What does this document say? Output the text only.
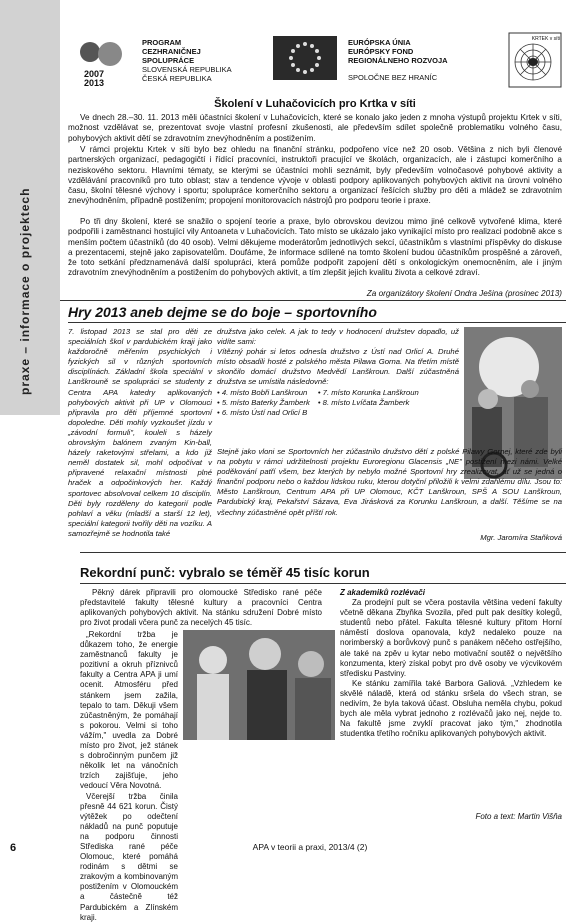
praxe – informace o projektech
2007 2013
PROGRAM
CEZHRANIČNEJ
SPOLUPRÁCE
SLOVENSKÁ REPUBLIKA
ČESKÁ REPUBLIKA
EURÓPSKA ÚNIA
EURÓPSKY FOND
REGIONÁLNEHO ROZVOJA
SPOLOČNE BEZ HRANÍC
KRTEK v síti
Školení v Luhačovicích pro Krtka v síti
Ve dnech 28.–30. 11. 2013 měli účastníci školení v Luhačovicích, které se konalo jako jeden z mnoha výstupů projektu Krtek v síti, možnost vzdělávat se, prezentovat svoje vlastní profesní zkušenosti, ale především sdílet společně problematiku volného času, pohybových aktivit dětí se zdravotním znevýhodněním a postižením.
V rámci projektu Krtek v síti bylo bez ohledu na finanční stránku, podpořeno více než 20 osob. Většina z nich byli členové partnerských organizací, pedagogičtí i řídící pracovníci, instruktoři pracující ve školách, organizacích, ale i zástupci komerčního a neziskového sektoru. Hlavními tématy, se kterými se účastníci mohli seznámit, byly především volnočasové pohybové aktivity a vzdělávání pracovníků pro tuto oblast; stav a tendence vývoje v oblasti podpory aplikovaných pohybových aktivit na úrovni volného času, školní tělesné výchovy i sportu; spolupráce komerčního sektoru a organizací řešících služby pro děti a mládež se zdravotním znevýhodněním, případně postižením; propojení monitorovacích nástrojů pro podporu teorie i praxe.
Po tři dny školení, které se snažilo o spojení teorie a praxe, bylo obrovskou devizou mimo jiné celkově vytvořené klima, které podpořili i zaměstnanci hostující vily Antoaneta v Luhačovicích. Tato místo se ukázalo jako vynikající místo pro realizaci podobně akce s menším počtem účastníků (do 40 osob). Velmi děkujeme moderátorům jednotlivých sekcí, účastníkům s vlastními příspěvky do diskuse a prezentacemi, stejně jako zapisovatelům. Doufáme, že informace sdílené na tomto školení budou účastníkům prospěšné a zároveň, že toto setkání předznamenává další spolupráci, která pomůže podpořit zapojení dětí s onkologickým onemocněním, ale i jiným zdravotním znevýhodněním a postižením do pohybových aktivit, a tím zlepšit jejich kvalitu života a celkové zdraví.
Za organizátory školení Ondra Ješina (prosinec 2013)
Hry 2013 aneb dejme se do boje – sportovního

7. listopad 2013 se stal pro děti ze speciálních škol v pardubickém kraji jako každoročně měřením psychických i fyzických sil v různých sportovních disciplínách. Základní škola speciální v Lanškrouně se spolupráci se studenty z Centra APA katedry aplikovaných pohybových aktivit při UP v Olomouci připravila pro děti příjemné sportovní dopoledne. Děti mohly vyzkoušet jízdu v „závodní formuli", kouleli s házely obrovským balónem zvaným Kin-ball, házely raketovými střelami, a kdo již neměl dostatek sil, mohl odpočívat v připravené relaxační místnosti plné hraček a odpočinkových her. Každý sportovec absolvoval celkem 10 disciplín. Děti byly rozděleny do kategorií podle pohlaví a věku (mladší a starší 12 let), speciální kategorii tvořily děti na vozíku. A samozřejmě se hodnotila také

družstva jako celek. A jak to tedy v hodnocení družstev dopadlo, už vidíte sami:

Vítězný pohár si letos odnesla družstvo z Ústí nad Orlicí A. Druhé místo obsadili hosté z polského města Pilawa Gorna. Na třetím místě skončilo domácí družstvo Medvědí Lanškroun. Další zúčastněná družstva se umístila následovně:

• 4. místo Bobři Lanškroun
• 5. místo Baterky Žamberk
• 6. místo Ústí nad Orlicí B
• 7. místo Korunka Lanškroun
• 8. místo Lvíčata Žamberk

Stejně jako vloni se Sportovních her zúčastnilo družstvo dětí z polské Pilawy Gornej, které zde byli na pobytu v rámci udržitelnosti projektu Euroregionu Glacensis „NE" postižení mezi námi. Velké poděkování patří všem, bez kterých by nebylo možné Sportovní hry zrealizovat, ať už se jedná o finanční podporu nebo o každou lidskou ruku, kterou dotyční přiložili k velmi zdařilému dílu. Jsou to: Město Lanškroun, Centrum APA při UP Olomouc, KČT Lanškroun, SPŠ A SOU Lanškroun, Pardubický kraj, Pekařství Sázava, Eva Jirásková za Korunku Lanškroun, a další. Těšíme se na všechny zúčastněné opět příští rok.

Mgr. Jaromíra Staňková
Rekordní punč: vybralo se téměř 45 tisíc korun
Pěkný dárek připravili pro olomoucké Středisko rané péče představitelé fakulty tělesné kultury a pracovníci Centra aplikovaných pohybových aktivit. Na stánku sdružení Dobré místo pro život prodali včera punč za necelých 45 tisíc.

„Rekordní tržba je důkazem toho, že energie zaměstnanců fakulty je pozitivní a okruh příznivců fakulty a Centra APA ji umí ocenit. Atmosféru před stánkem jsem zažila, tepalo to tam. Děkuji všem zúčastněným, že pomáhají s pokorou. Velmi si toho vážím," uvedla za Dobré místo pro život, jež stánek s dobročinným punčem již několik let na vánočních trzích zajišťuje, jeho vedoucí Věra Novotná.

Včerejší tržba činila přesně 44 621 korun. Čistý výtěžek po odečtení nákladů na punč poputuje na podporu činnosti Střediska rané péče Olomouc, které pomáhá rodinám s dětmi se zrakovým a kombinovaným postižením v Olomouckém a částečně též Pardubickém a Zlínském kraji.

Z akademiků rozlévači

Za prodejní pult se včera postavila většina vedení fakulty včetně děkana Zbyňka Svozila, před pult pak desítky kolegů, studentů nebo přátel. Fakulta tělesné kultury přitom Horní náměstí doslova opanovala, když nedaleko pouze na norimberský a borůvkový punč s panákem něčeho ostřejšího, ale také na zpěv u kytar nebo motivační soutěž o největšího konzumenta, který získal pobyt pro dvě osoby ve výcvikovém středisku Pastviny.

Ke stánku zamířila také Barbora Galiová. „Vzhledem ke skvělé náladě, která od stánku sršela do všech stran, se nedivím, že byla taková účast. Obsluha neměla chybu, pokud bych ale měla vybrat jednoho z rozlévačů jako nej, nejde to. Na fakultě jsme zvyklí pracovat jako tým," zhodnotila studentka třetího ročníku aplikovaných pohybových aktivit.

Foto a text: Martin Višňa
6	APA v teorii a praxi, 2013/4 (2)
